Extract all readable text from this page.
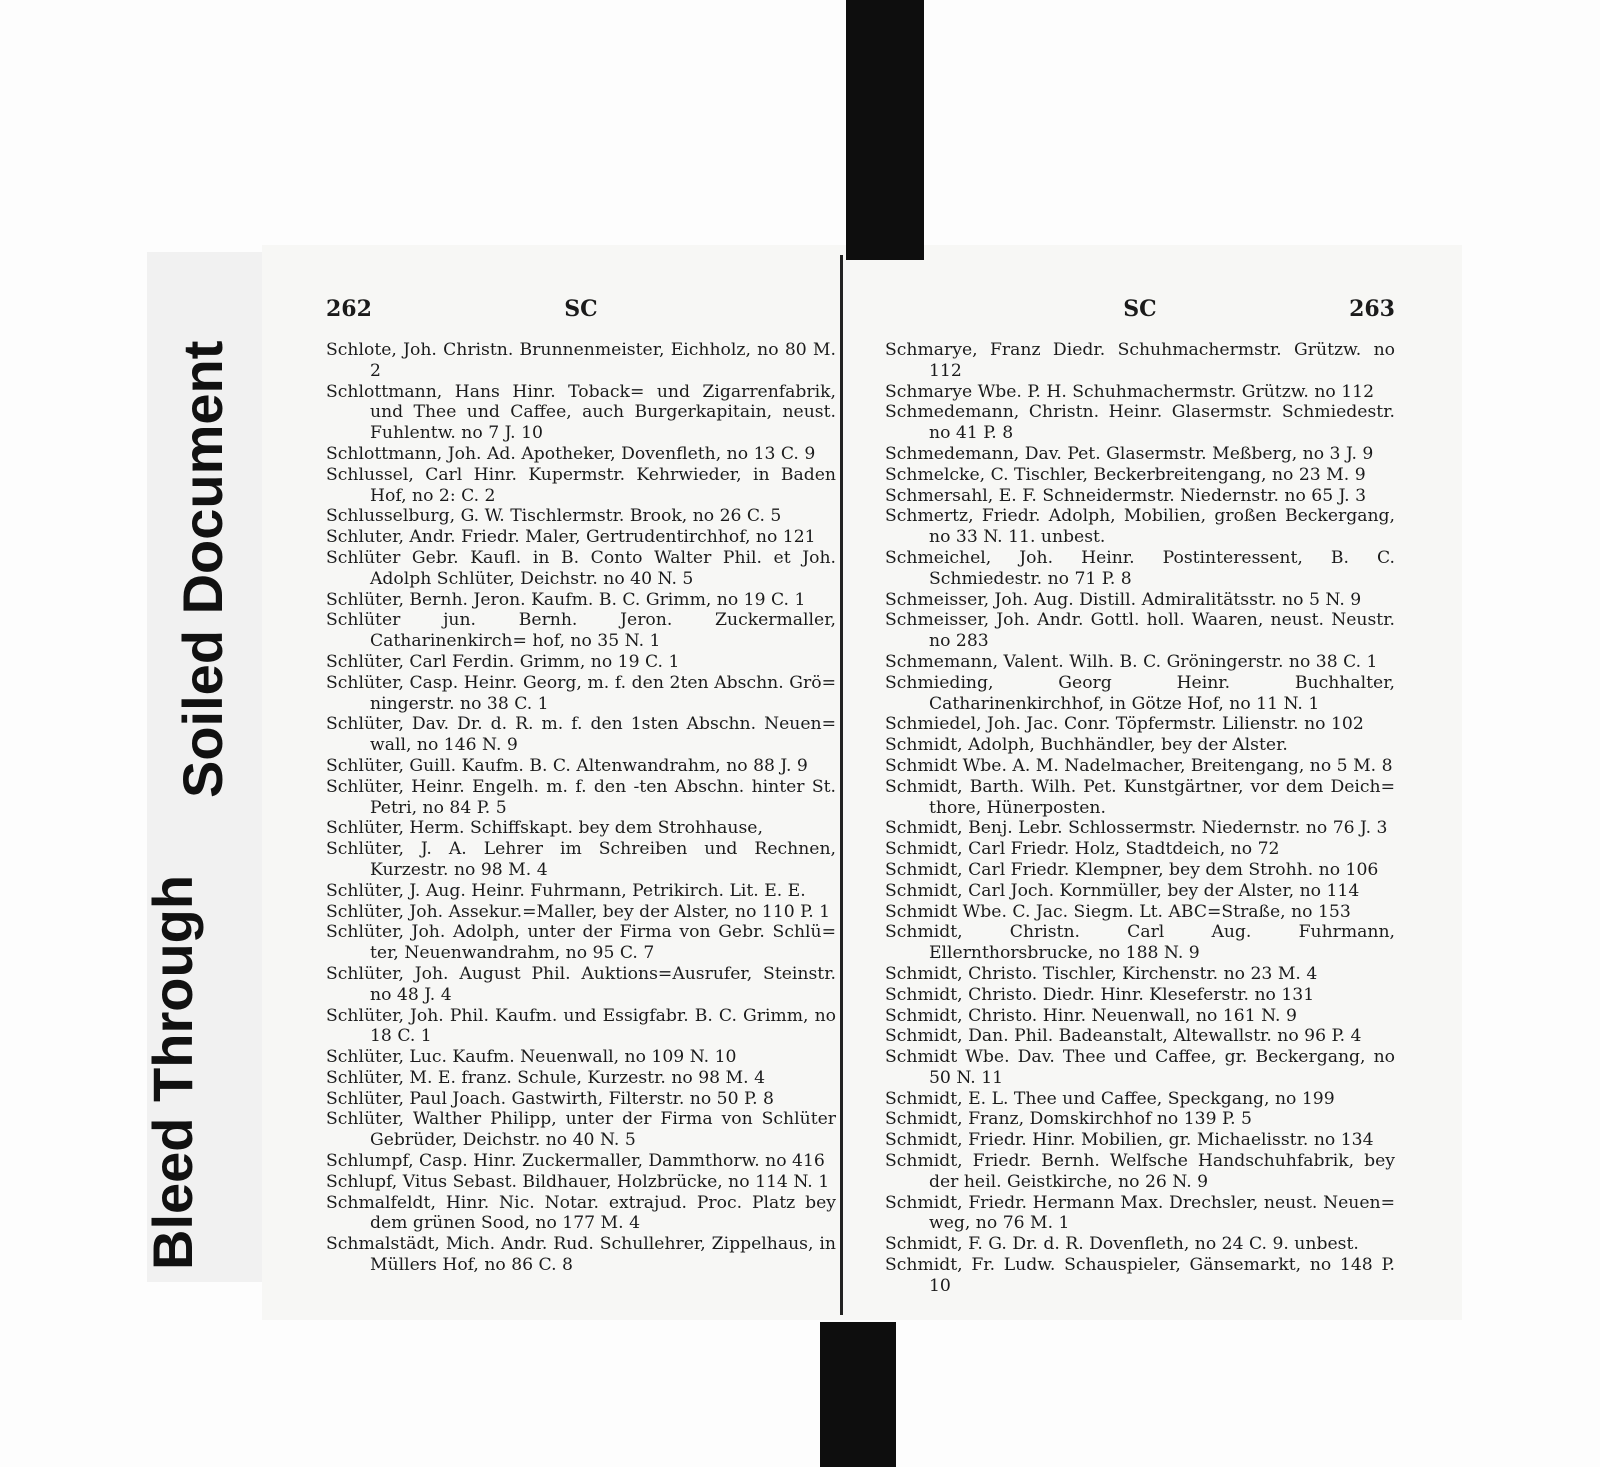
Soiled Document
Bleed Through
262	SC

Schlote, Joh. Christn. Brunnenmeister, Eichholz, no 80 M. 2

Schlottmann, Hans Hinr. Toback= und Zigarrenfabrik, und Thee und Caffee, auch Burgerkapitain, neust. Fuhlentw. no 7 J. 10

Schlottmann, Joh. Ad. Apotheker, Dovenfleth, no 13 C. 9

Schlussel, Carl Hinr. Kupermstr. Kehrwieder, in Baden Hof, no 2: C. 2

Schlusselburg, G. W. Tischlermstr. Brook, no 26 C. 5

Schluter, Andr. Friedr. Maler, Gertrudentirchhof, no 121

Schlüter Gebr. Kaufl. in B. Conto Walter Phil. et Joh. Adolph Schlüter, Deichstr. no 40 N. 5

Schlüter, Bernh. Jeron. Kaufm. B. C. Grimm, no 19 C. 1

Schlüter jun. Bernh. Jeron. Zuckermaller, Catharinenkirch= hof, no 35 N. 1

Schlüter, Carl Ferdin. Grimm, no 19 C. 1

Schlüter, Casp. Heinr. Georg, m. f. den 2ten Abschn. Grö= ningerstr. no 38 C. 1

Schlüter, Dav. Dr. d. R. m. f. den 1sten Abschn. Neuen= wall, no 146 N. 9

Schlüter, Guill. Kaufm. B. C. Altenwandrahm, no 88 J. 9

Schlüter, Heinr. Engelh. m. f. den -ten Abschn. hinter St. Petri, no 84 P. 5

Schlüter, Herm. Schiffskapt. bey dem Strohhause,

Schlüter, J. A. Lehrer im Schreiben und Rechnen, Kurzestr. no 98 M. 4

Schlüter, J. Aug. Heinr. Fuhrmann, Petrikirch. Lit. E. E.

Schlüter, Joh. Assekur.=Maller, bey der Alster, no 110 P. 1

Schlüter, Joh. Adolph, unter der Firma von Gebr. Schlü= ter, Neuenwandrahm, no 95 C. 7

Schlüter, Joh. August Phil. Auktions=Ausrufer, Steinstr. no 48 J. 4

Schlüter, Joh. Phil. Kaufm. und Essigfabr. B. C. Grimm, no 18 C. 1

Schlüter, Luc. Kaufm. Neuenwall, no 109 N. 10

Schlüter, M. E. franz. Schule, Kurzestr. no 98 M. 4

Schlüter, Paul Joach. Gastwirth, Filterstr. no 50 P. 8

Schlüter, Walther Philipp, unter der Firma von Schlüter Gebrüder, Deichstr. no 40 N. 5

Schlumpf, Casp. Hinr. Zuckermaller, Dammthorw. no 416

Schlupf, Vitus Sebast. Bildhauer, Holzbrücke, no 114 N. 1

Schmalfeldt, Hinr. Nic. Notar. extrajud. Proc. Platz bey dem grünen Sood, no 177 M. 4

Schmalstädt, Mich. Andr. Rud. Schullehrer, Zippelhaus, in Müllers Hof, no 86 C. 8

SC	263

Schmarye, Franz Diedr. Schuhmachermstr. Grützw. no 112

Schmarye Wbe. P. H. Schuhmachermstr. Grützw. no 112

Schmedemann, Christn. Heinr. Glasermstr. Schmiedestr. no 41 P. 8

Schmedemann, Dav. Pet. Glasermstr. Meßberg, no 3 J. 9

Schmelcke, C. Tischler, Beckerbreitengang, no 23 M. 9

Schmersahl, E. F. Schneidermstr. Niedernstr. no 65 J. 3

Schmertz, Friedr. Adolph, Mobilien, großen Beckergang, no 33 N. 11. unbest.

Schmeichel, Joh. Heinr. Postinteressent, B. C. Schmiedestr. no 71 P. 8

Schmeisser, Joh. Aug. Distill. Admiralitätsstr. no 5 N. 9

Schmeisser, Joh. Andr. Gottl. holl. Waaren, neust. Neustr. no 283

Schmemann, Valent. Wilh. B. C. Gröningerstr. no 38 C. 1

Schmieding, Georg Heinr. Buchhalter, Catharinenkirchhof, in Götze Hof, no 11 N. 1

Schmiedel, Joh. Jac. Conr. Töpfermstr. Lilienstr. no 102

Schmidt, Adolph, Buchhändler, bey der Alster.

Schmidt Wbe. A. M. Nadelmacher, Breitengang, no 5 M. 8

Schmidt, Barth. Wilh. Pet. Kunstgärtner, vor dem Deich= thore, Hünerposten.

Schmidt, Benj. Lebr. Schlossermstr. Niedernstr. no 76 J. 3

Schmidt, Carl Friedr. Holz, Stadtdeich, no 72

Schmidt, Carl Friedr. Klempner, bey dem Strohh. no 106

Schmidt, Carl Joch. Kornmüller, bey der Alster, no 114

Schmidt Wbe. C. Jac. Siegm. Lt. ABC=Straße, no 153

Schmidt, Christn. Carl Aug. Fuhrmann, Ellernthorsbrucke, no 188 N. 9

Schmidt, Christo. Tischler, Kirchenstr. no 23 M. 4

Schmidt, Christo. Diedr. Hinr. Kleseferstr. no 131

Schmidt, Christo. Hinr. Neuenwall, no 161 N. 9

Schmidt, Dan. Phil. Badeanstalt, Altewallstr. no 96 P. 4

Schmidt Wbe. Dav. Thee und Caffee, gr. Beckergang, no 50 N. 11

Schmidt, E. L. Thee und Caffee, Speckgang, no 199

Schmidt, Franz, Domskirchhof no 139 P. 5

Schmidt, Friedr. Hinr. Mobilien, gr. Michaelisstr. no 134

Schmidt, Friedr. Bernh. Welfsche Handschuhfabrik, bey der heil. Geistkirche, no 26 N. 9

Schmidt, Friedr. Hermann Max. Drechsler, neust. Neuen= weg, no 76 M. 1

Schmidt, F. G. Dr. d. R. Dovenfleth, no 24 C. 9. unbest.

Schmidt, Fr. Ludw. Schauspieler, Gänsemarkt, no 148 P. 10
